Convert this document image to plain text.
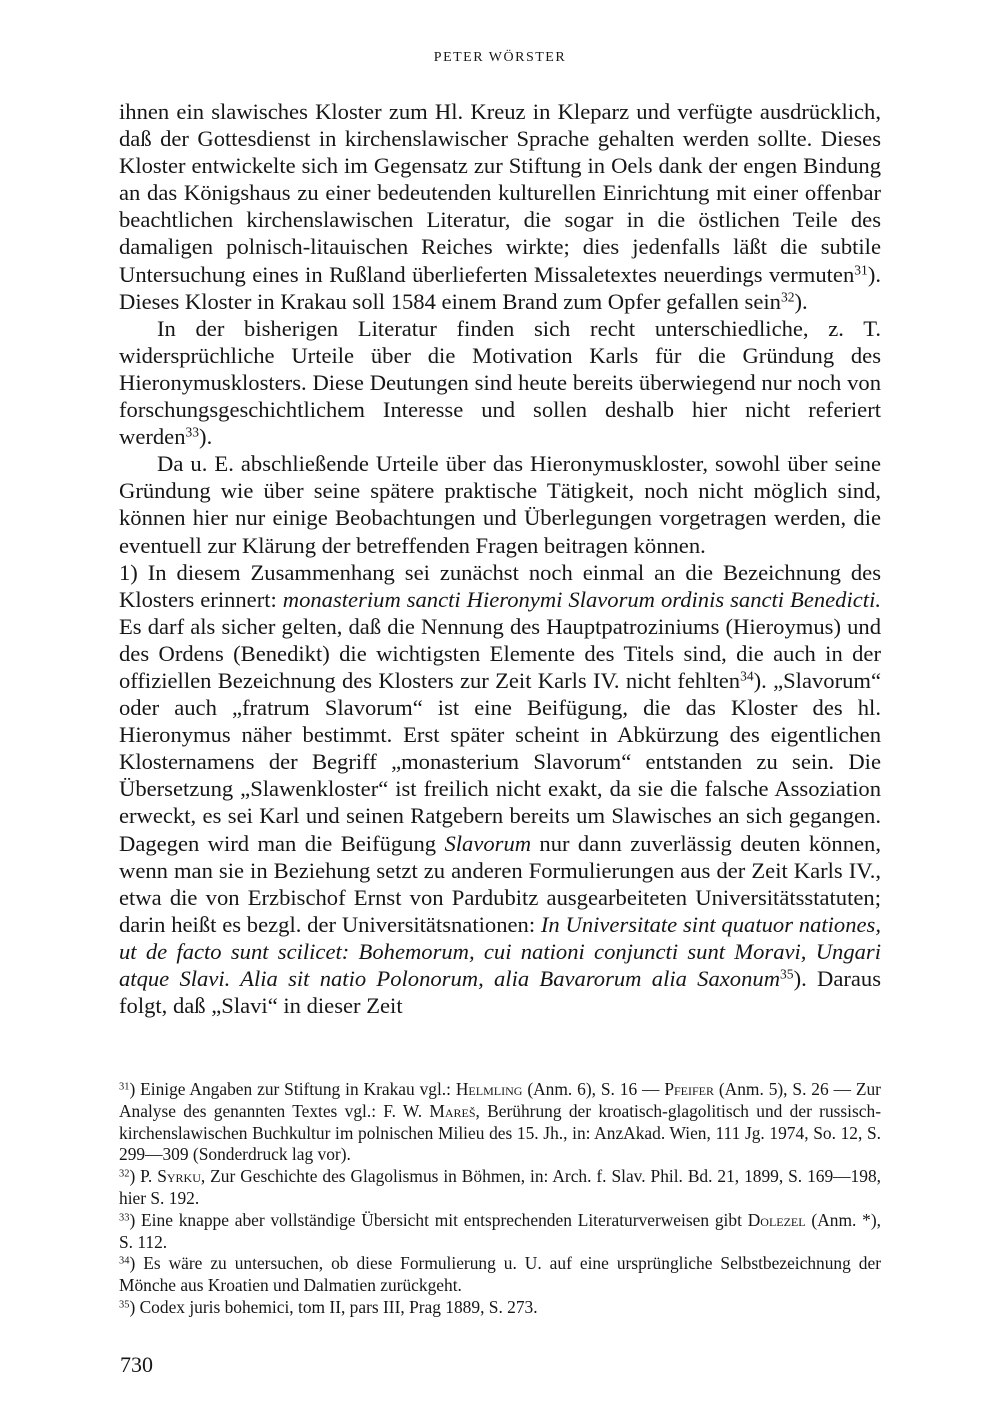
PETER WÖRSTER

ihnen ein slawisches Kloster zum Hl. Kreuz in Kleparz und verfügte ausdrücklich, daß der Gottesdienst in kirchenslawischer Sprache gehalten werden sollte. Dieses Kloster entwickelte sich im Gegensatz zur Stiftung in Oels dank der engen Bindung an das Königshaus zu einer bedeutenden kulturellen Einrichtung mit einer offenbar beachtlichen kirchenslawischen Literatur, die sogar in die östlichen Teile des damaligen polnisch-litauischen Reiches wirkte; dies jedenfalls läßt die subtile Untersuchung eines in Rußland überlieferten Missaletextes neuerdings vermuten$^{31}$). Dieses Kloster in Krakau soll 1584 einem Brand zum Opfer gefallen sein$^{32}$).

In der bisherigen Literatur finden sich recht unterschiedliche, z. T. widersprüchliche Urteile über die Motivation Karls für die Gründung des Hieronymusklosters. Diese Deutungen sind heute bereits überwiegend nur noch von forschungsgeschichtlichem Interesse und sollen deshalb hier nicht referiert werden$^{33}$).

Da u. E. abschließende Urteile über das Hieronymuskloster, sowohl über seine Gründung wie über seine spätere praktische Tätigkeit, noch nicht möglich sind, können hier nur einige Beobachtungen und Überlegungen vorgetragen werden, die eventuell zur Klärung der betreffenden Fragen beitragen können.

1) In diesem Zusammenhang sei zunächst noch einmal an die Bezeichnung des Klosters erinnert: monasterium sancti Hieronymi Slavorum ordinis sancti Benedicti. Es darf als sicher gelten, daß die Nennung des Hauptpatroziniums (Hieroymus) und des Ordens (Benedikt) die wichtigsten Elemente des Titels sind, die auch in der offiziellen Bezeichnung des Klosters zur Zeit Karls IV. nicht fehlten$^{34}$). „Slavorum“ oder auch „fratrum Slavorum“ ist eine Beifügung, die das Kloster des hl. Hieronymus näher bestimmt. Erst später scheint in Abkürzung des eigentlichen Klosternamens der Begriff „monasterium Slavorum“ entstanden zu sein. Die Übersetzung „Slawenkloster“ ist freilich nicht exakt, da sie die falsche Assoziation erweckt, es sei Karl und seinen Ratgebern bereits um Slawisches an sich gegangen. Dagegen wird man die Beifügung Slavorum nur dann zuverlässig deuten können, wenn man sie in Beziehung setzt zu anderen Formulierungen aus der Zeit Karls IV., etwa die von Erzbischof Ernst von Pardubitz ausgearbeiteten Universitätsstatuten; darin heißt es bezgl. der Universitätsnationen: In Universitate sint quatuor nationes, ut de facto sunt scilicet: Bohemorum, cui nationi conjuncti sunt Moravi, Ungari atque Slavi. Alia sit natio Polonorum, alia Bavarorum alia Saxonum$^{35}$). Daraus folgt, daß „Slavi“ in dieser Zeit

$^{31}$) Einige Angaben zur Stiftung in Krakau vgl.: Helmling (Anm. 6), S. 16 — Pfeifer (Anm. 5), S. 26 — Zur Analyse des genannten Textes vgl.: F. W. Mareš, Berührung der kroatisch-glagolitisch und der russisch-kirchenslawischen Buchkultur im polnischen Milieu des 15. Jh., in: AnzAkad. Wien, 111 Jg. 1974, So. 12, S. 299—309 (Sonderdruck lag vor).

$^{32}$) P. Syrku, Zur Geschichte des Glagolismus in Böhmen, in: Arch. f. Slav. Phil. Bd. 21, 1899, S. 169—198, hier S. 192.

$^{33}$) Eine knappe aber vollständige Übersicht mit entsprechenden Literaturverweisen gibt Dolezel (Anm. *), S. 112.

$^{34}$) Es wäre zu untersuchen, ob diese Formulierung u. U. auf eine ursprüngliche Selbstbezeichnung der Mönche aus Kroatien und Dalmatien zurückgeht.

$^{35}$) Codex juris bohemici, tom II, pars III, Prag 1889, S. 273.

730
